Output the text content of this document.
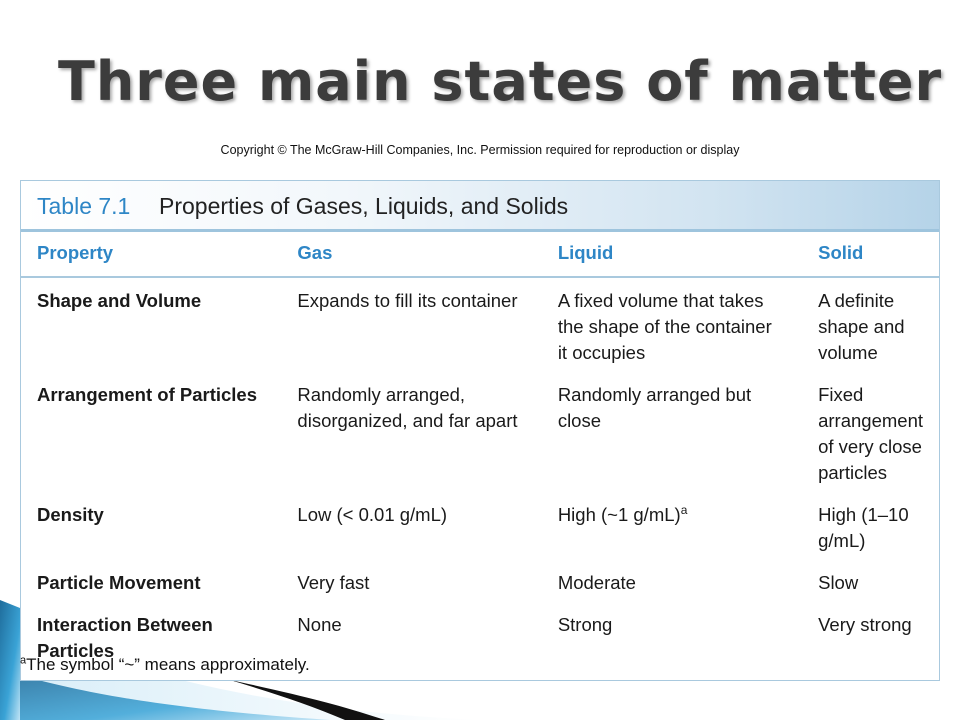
Three main states of matter
Copyright © The McGraw-Hill Companies, Inc. Permission required for reproduction or display
Table 7.1 Properties of Gases, Liquids, and Solids
Property	Gas	Liquid	Solid
Shape and Volume	Expands to fill its container	A fixed volume that takes the shape of the container it occupies	A definite shape and volume
Arrangement of Particles	Randomly arranged, disorganized, and far apart	Randomly arranged but close	Fixed arrangement of very close particles
Density	Low (< 0.01 g/mL)	High (~1 g/mL)$^a$	High (1–10 g/mL)
Particle Movement	Very fast	Moderate	Slow
Interaction Between Particles	None	Strong	Very strong
$^a$The symbol “~” means approximately.
